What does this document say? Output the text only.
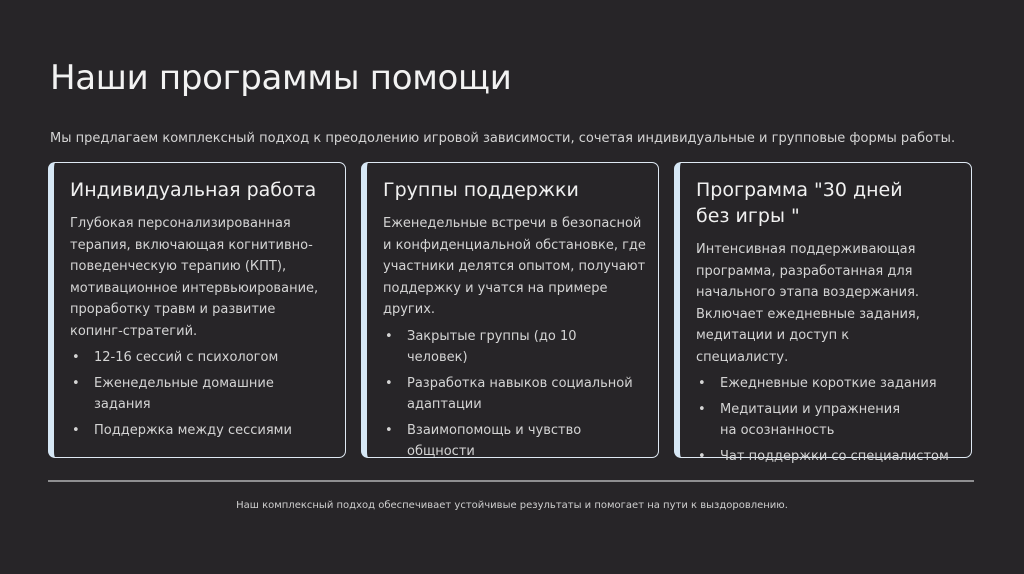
Наши программы помощи

Мы предлагаем комплексный подход к преодолению игровой зависимости, сочетая индивидуальные и групповые формы работы.

Индивидуальная работа

Глубокая персонализированная терапия, включающая когнитивно-поведенческую терапию (КПТ), мотивационное интервьюирование, проработку травм и развитие копинг-стратегий.

• 12-16 сессий с психологом
• Еженедельные домашние задания
• Поддержка между сессиями
Группы поддержки

Еженедельные встречи в безопасной и конфиденциальной обстановке, где участники делятся опытом, получают поддержку и учатся на примере других.

• Закрытые группы (до 10 человек)
• Разработка навыков социальной адаптации
• Взаимопомощь и чувство общности
Программа "30 дней без игры "

Интенсивная поддерживающая программа, разработанная для начального этапа воздержания. Включает ежедневные задания, медитации и доступ к специалисту.

• Ежедневные короткие задания
• Медитации и упражнения на осознанность
• Чат поддержки со специалистом

Наш комплексный подход обеспечивает устойчивые результаты и помогает на пути к выздоровлению.
